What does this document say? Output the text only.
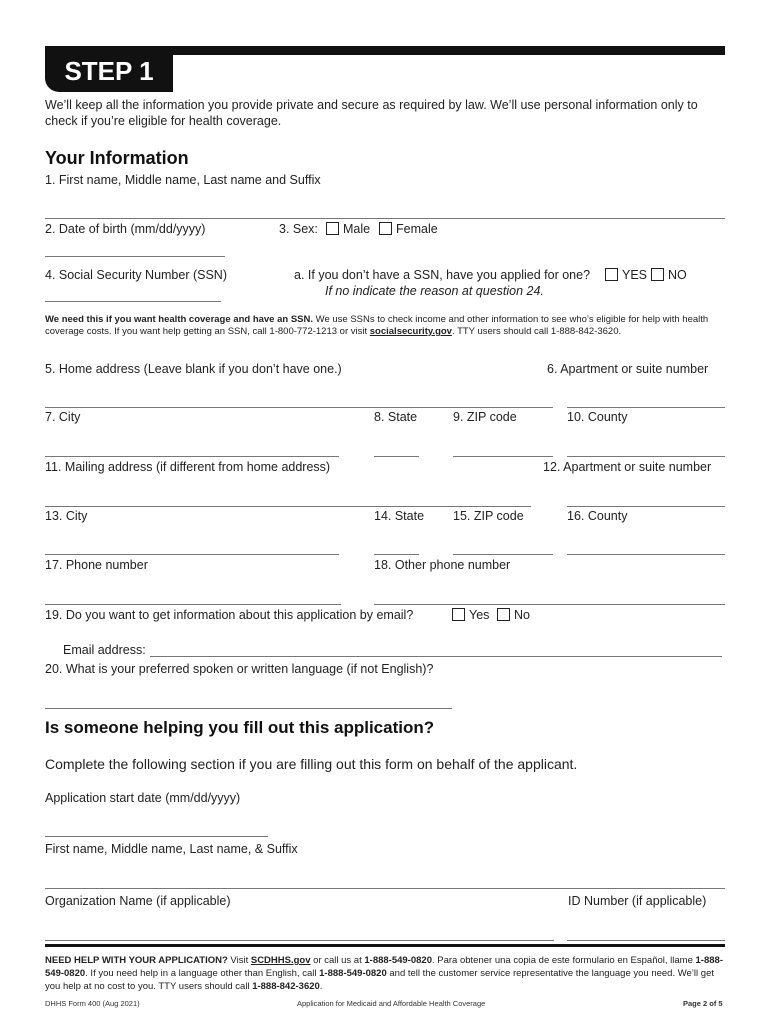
STEP 1
We’ll keep all the information you provide private and secure as required by law. We’ll use personal information only to check if you’re eligible for health coverage.
Your Information
1. First name, Middle name, Last name and Suffix
2. Date of birth (mm/dd/yyyy)	3. Sex:	Male	Female
4. Social Security Number (SSN)	a. If you don’t have a SSN, have you applied for one?	YES	NO
If no indicate the reason at question 24.
We need this if you want health coverage and have an SSN. We use SSNs to check income and other information to see who’s eligible for help with health coverage costs. If you want help getting an SSN, call 1-800-772-1213 or visit socialsecurity.gov. TTY users should call 1-888-842-3620.
5. Home address (Leave blank if you don’t have one.)	6. Apartment or suite number
7. City	8. State	9. ZIP code	10. County
11. Mailing address (if different from home address)	12. Apartment or suite number
13. City	14. State 15. ZIP code	16. County
17. Phone number	18. Other phone number
19. Do you want to get information about this application by email?	Yes	No
Email address:
20. What is your preferred spoken or written language (if not English)?
Is someone helping you fill out this application?
Complete the following section if you are filling out this form on behalf of the applicant.
Application start date (mm/dd/yyyy)
First name, Middle name, Last name, & Suffix
Organization Name (if applicable)	ID Number (if applicable)
NEED HELP WITH YOUR APPLICATION? Visit SCDHHS.gov or call us at 1-888-549-0820. Para obtener una copia de este formulario en Español, llame 1-888-549-0820. If you need help in a language other than English, call 1-888-549-0820 and tell the customer service representative the language you need. We’ll get you help at no cost to you. TTY users should call 1-888-842-3620.
DHHS Form 400 (Aug 2021)	Application for Medicaid and Affordable Health Coverage	Page 2 of 5
